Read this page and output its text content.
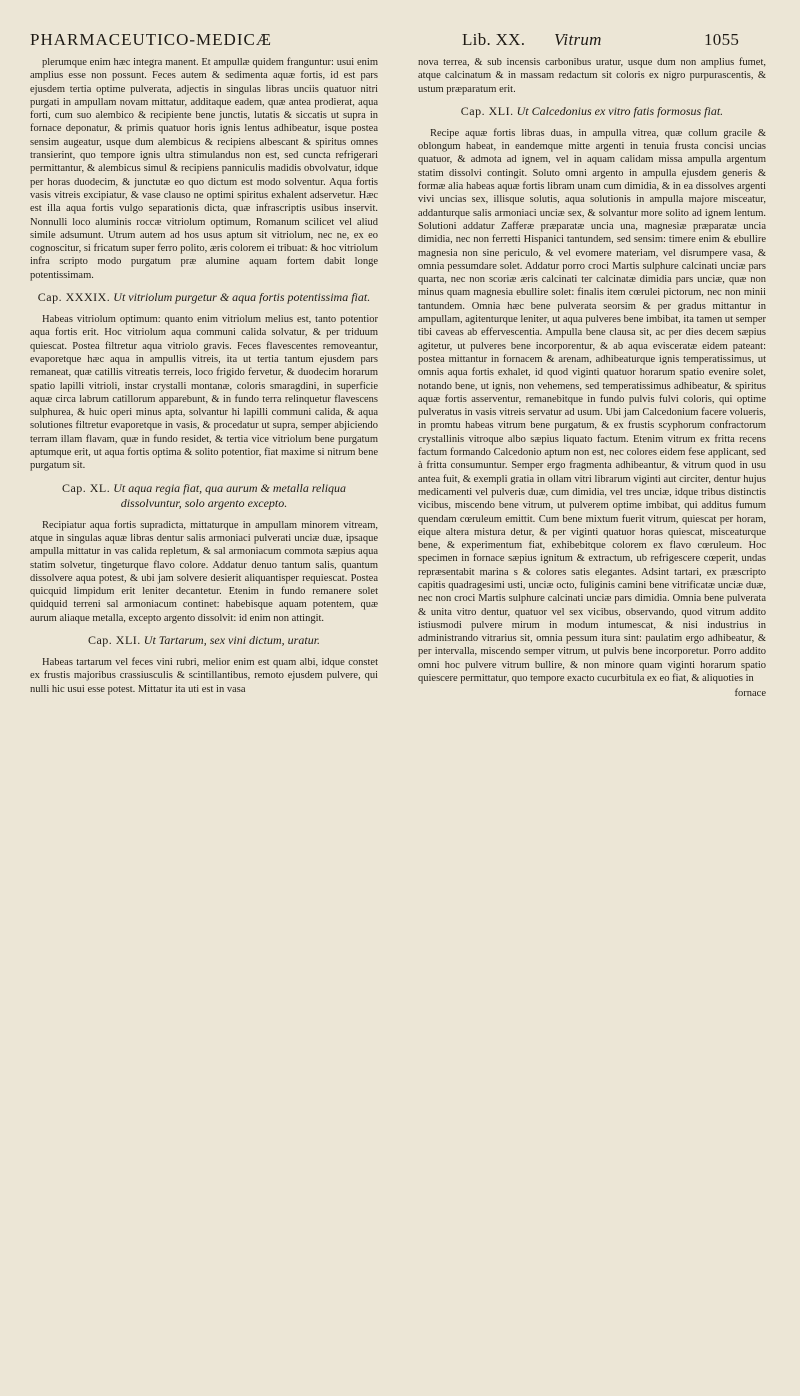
PHARMACEUTICO-MEDICÆ	Lib. XX. Vitrum	1055

plerumque enim hæc integra manent. Et ampullæ quidem franguntur: usui enim amplius esse non possunt. Feces autem & sedimenta aquæ fortis, id est pars ejusdem tertia optime pulverata, adjectis in singulas libras unciis quatuor nitri purgati in ampullam novam mittatur, additaque eadem, quæ antea prodierat, aqua forti, cum suo alembico & recipiente bene junctis, lutatis & siccatis ut supra in fornace deponatur, & primis quatuor horis ignis lentus adhibeatur, isque postea sensim augeatur, usque dum alembicus & recipiens albescant & spiritus omnes transierint, quo tempore ignis ultra stimulandus non est, sed cuncta refrigerari permittantur, & alembicus simul & recipiens panniculis madidis obvolvatur, idque per horas duodecim, & junctutæ eo quo dictum est modo solventur. Aqua fortis vasis vitreis excipiatur, & vase clauso ne optimi spiritus exhalent adservetur. Hæc est illa aqua fortis vulgo separationis dicta, quæ infrascriptis usibus inservit. Nonnulli loco aluminis roccæ vitriolum optimum, Romanum scilicet vel aliud simile adsumunt. Utrum autem ad hos usus aptum sit vitriolum, nec ne, ex eo cognoscitur, si fricatum super ferro polito, æris colorem ei tribuat: & hoc vitriolum infra scripto modo purgatum præ alumine aquam fortem dabit longe potentissimam.

Cap. XXXIX. Ut vitriolum purgetur & aqua fortis potentissima fiat.

Habeas vitriolum optimum: quanto enim vitriolum melius est, tanto potentior aqua fortis erit. Hoc vitriolum aqua communi calida solvatur, & per triduum quiescat. Postea filtretur aqua vitriolo gravis. Feces flavescentes removeantur, evaporetque hæc aqua in ampullis vitreis, ita ut tertia tantum ejusdem pars remaneat, quæ catillis vitreatis terreis, loco frigido fervetur, & duodecim horarum spatio lapilli vitrioli, instar crystalli montanæ, coloris smaragdini, in superficie aquæ circa labrum catillorum apparebunt, & in fundo terra relinquetur flavescens sulphurea, & huic operi minus apta, solvantur hi lapilli communi calida, & aqua solutiones filtretur evaporetque in vasis, & procedatur ut supra, semper abjiciendo terram illam flavam, quæ in fundo residet, & tertia vice vitriolum bene purgatum aptumque erit, ut aqua fortis optima & solito potentior, fiat maxime si nitrum bene purgatum sit.

Cap. XL. Ut aqua regia fiat, qua aurum & metalla reliqua dissolvuntur, solo argento excepto.

Recipiatur aqua fortis supradicta, mittaturque in ampullam minorem vitream, atque in singulas aquæ libras dentur salis armoniaci pulverati unciæ duæ, ipsaque ampulla mittatur in vas calida repletum, & sal armoniacum commota sæpius aqua statim solvetur, tingeturque flavo colore. Addatur denuo tantum salis, quantum dissolvere aqua potest, & ubi jam solvere desierit aliquantisper requiescat. Postea quicquid limpidum erit leniter decantetur. Etenim in fundo remanere solet quidquid terreni sal armoniacum continet: habebisque aquam potentem, quæ aurum aliaque metalla, excepto argento dissolvit: id enim non attingit.

Cap. XLI. Ut Tartarum, sex vini dictum, uratur.

Habeas tartarum vel feces vini rubri, melior enim est quam albi, idque constet ex frustis majoribus crassiusculis & scintillantibus, remoto ejusdem pulvere, qui nulli hic usui esse potest. Mittatur ita uti est in vasa

nova terrea, & sub incensis carbonibus uratur, usque dum non amplius fumet, atque calcinatum & in massam redactum sit coloris ex nigro purpurascentis, & ustum præparatum erit.

Cap. XLI. Ut Calcedonius ex vitro fatis formosus fiat.

Recipe aquæ fortis libras duas, in ampulla vitrea, quæ collum gracile & oblongum habeat, in eandemque mitte argenti in tenuia frusta concisi uncias quatuor, & admota ad ignem, vel in aquam calidam missa ampulla argentum statim dissolvi contingit. Soluto omni argento in ampulla ejusdem generis & formæ alia habeas aquæ fortis libram unam cum dimidia, & in ea dissolves argenti vivi uncias sex, illisque solutis, aqua solutionis in ampulla majore misceatur, addanturque salis armoniaci unciæ sex, & solvantur more solito ad ignem lentum. Solutioni addatur Zafferæ præparatæ uncia una, magnesiæ præparatæ uncia dimidia, nec non ferretti Hispanici tantundem, sed sensim: timere enim & ebullire magnesia non sine periculo, & vel evomere materiam, vel disrumpere vasa, & omnia pessumdare solet. Addatur porro croci Martis sulphure calcinati unciæ pars quarta, nec non scoriæ æris calcinati ter calcinatæ dimidia pars unciæ, quæ non minus quam magnesia ebullire solet: finalis item cœrulei pictorum, nec non minii tantundem. Omnia hæc bene pulverata seorsim & per gradus mittantur in ampullam, agitenturque leniter, ut aqua pulveres bene imbibat, ita tamen ut semper tibi caveas ab effervescentia. Ampulla bene clausa sit, ac per dies decem sæpius agitetur, ut pulveres bene incorporentur, & ab aqua evisceratæ eidem pateant: postea mittantur in fornacem & arenam, adhibeaturque ignis temperatissimus, ut omnis aqua fortis exhalet, id quod viginti quatuor horarum spatio evenire solet, notando bene, ut ignis, non vehemens, sed temperatissimus adhibeatur, & spiritus aquæ fortis asserventur, remanebitque in fundo pulvis fulvi coloris, qui optime pulveratus in vasis vitreis servatur ad usum. Ubi jam Calcedonium facere volueris, in promtu habeas vitrum bene purgatum, & ex frustis scyphorum confractorum crystallinis vitroque albo sæpius liquato factum. Etenim vitrum ex fritta recens factum formando Calcedonio aptum non est, nec colores eidem fese applicant, sed à fritta consumuntur. Semper ergo fragmenta adhibeantur, & vitrum quod in usu antea fuit, & exempli gratia in ollam vitri librarum viginti aut circiter, dentur hujus medicamenti vel pulveris duæ, cum dimidia, vel tres unciæ, idque tribus distinctis vicibus, miscendo bene vitrum, ut pulverem optime imbibat, qui additus fumum quendam cœruleum emittit. Cum bene mixtum fuerit vitrum, quiescat per horam, eique altera mistura detur, & per viginti quatuor horas quiescat, misceaturque bene, & experimentum fiat, exhibebitque colorem ex flavo cœruleum. Hoc specimen in fornace sæpius ignitum & extractum, ub refrigescere cœperit, undas repræsentabit marina s & colores satis elegantes. Adsint tartari, ex præscripto capitis quadragesimi usti, unciæ octo, fuliginis camini bene vitrificatæ unciæ duæ, nec non croci Martis sulphure calcinati unciæ pars dimidia. Omnia bene pulverata & unita vitro dentur, quatuor vel sex vicibus, observando, quod vitrum addito istiusmodi pulvere mirum in modum intumescat, & nisi industrius in administrando vitrarius sit, omnia pessum itura sint: paulatim ergo adhibeatur, & per intervalla, miscendo semper vitrum, ut pulvis bene incorporetur. Porro addito omni hoc pulvere vitrum bullire, & non minore quam viginti horarum spatio quiescere permittatur, quo tempore exacto cucurbitula ex eo fiat, & aliquoties in

fornace
